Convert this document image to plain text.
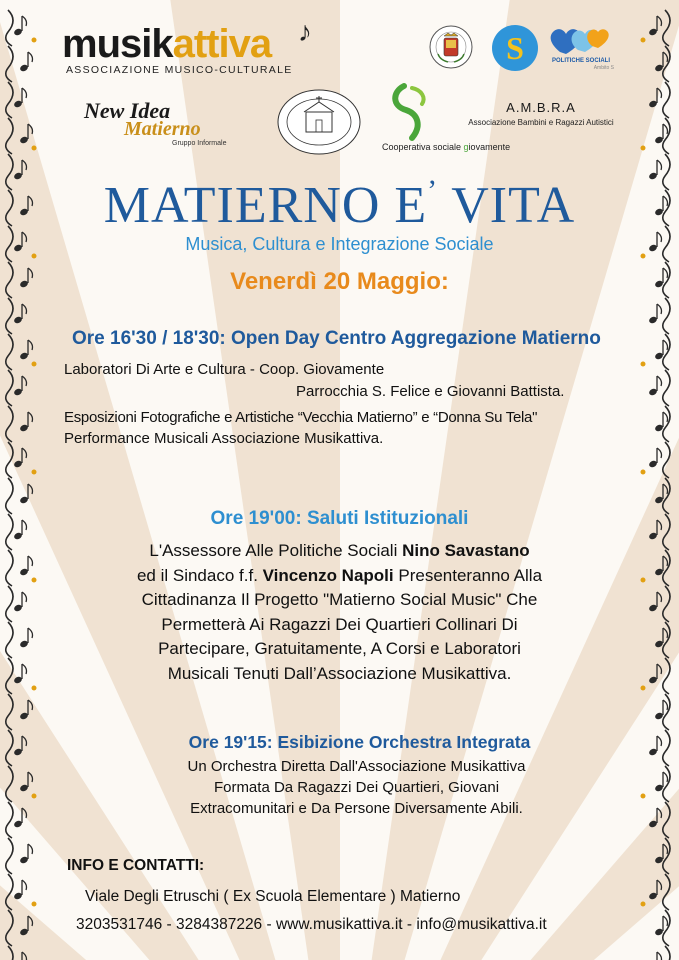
musikattiva ♪
ASSOCIAZIONE MUSICO-CULTURALE
S	POLITICHE SOCIALI
Ambito S
New Idea
Matierno
Gruppo Informale	Cooperativa sociale giovamente
A.M.B.R.A
Associazione Bambini e Ragazzi Autistici
MATIERNO E’ VITA
Musica, Cultura e Integrazione Sociale
Venerdì 20 Maggio:
Ore 16'30 / 18'30: Open Day Centro Aggregazione Matierno
Laboratori Di Arte e Cultura - Coop. Giovamente
Parrocchia S. Felice e Giovanni Battista.
Esposizioni Fotografiche e Artistiche “Vecchia Matierno” e “Donna Su Tela"
Performance Musicali Associazione Musikattiva.
Ore 19'00: Saluti Istituzionali
L'Assessore Alle Politiche Sociali Nino Savastano
ed il Sindaco f.f. Vincenzo Napoli Presenteranno Alla
Cittadinanza Il Progetto "Matierno Social Music" Che
Permetterà Ai Ragazzi Dei Quartieri Collinari Di
Partecipare, Gratuitamente, A Corsi e Laboratori
Musicali Tenuti Dall’Associazione Musikattiva.
Ore 19'15: Esibizione Orchestra Integrata
Un Orchestra Diretta Dall'Associazione Musikattiva
Formata Da Ragazzi Dei Quartieri, Giovani
Extracomunitari e Da Persone Diversamente Abili.
INFO E CONTATTI:
Viale Degli Etruschi ( Ex Scuola Elementare ) Matierno
3203531746 - 3284387226 - www.musikattiva.it - info@musikattiva.it
